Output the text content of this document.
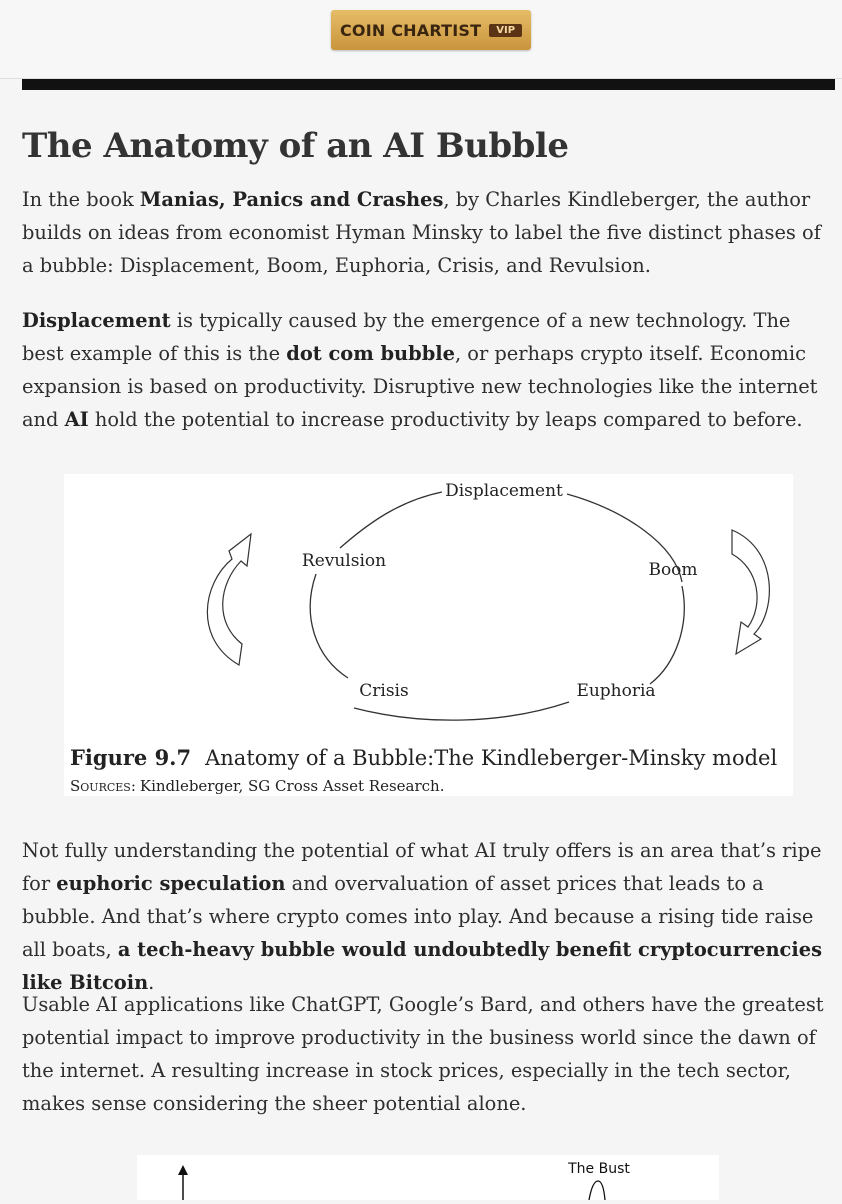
COIN CHARTIST	VIP
The Anatomy of an AI Bubble

In the book Manias, Panics and Crashes, by Charles Kindleberger, the author builds on ideas from economist Hyman Minsky to label the five distinct phases of a bubble: Displacement, Boom, Euphoria, Crisis, and Revulsion.

Displacement is typically caused by the emergence of a new technology. The best example of this is the dot com bubble, or perhaps crypto itself. Economic expansion is based on productivity. Disruptive new technologies like the internet and AI hold the potential to increase productivity by leaps compared to before.

Displacement
Boom
Euphoria
Crisis
Revulsion
Figure 9.7 Anatomy of a Bubble:The Kindleberger-Minsky model
Sources: Kindleberger, SG Cross Asset Research.

Not fully understanding the potential of what AI truly offers is an area that’s ripe for euphoric speculation and overvaluation of asset prices that leads to a bubble. And that’s where crypto comes into play. And because a rising tide raise all boats, a tech-heavy bubble would undoubtedly benefit cryptocurrencies like Bitcoin.

Usable AI applications like ChatGPT, Google’s Bard, and others have the greatest potential impact to improve productivity in the business world since the dawn of the internet. A resulting increase in stock prices, especially in the tech sector, makes sense considering the sheer potential alone.

The Bust
